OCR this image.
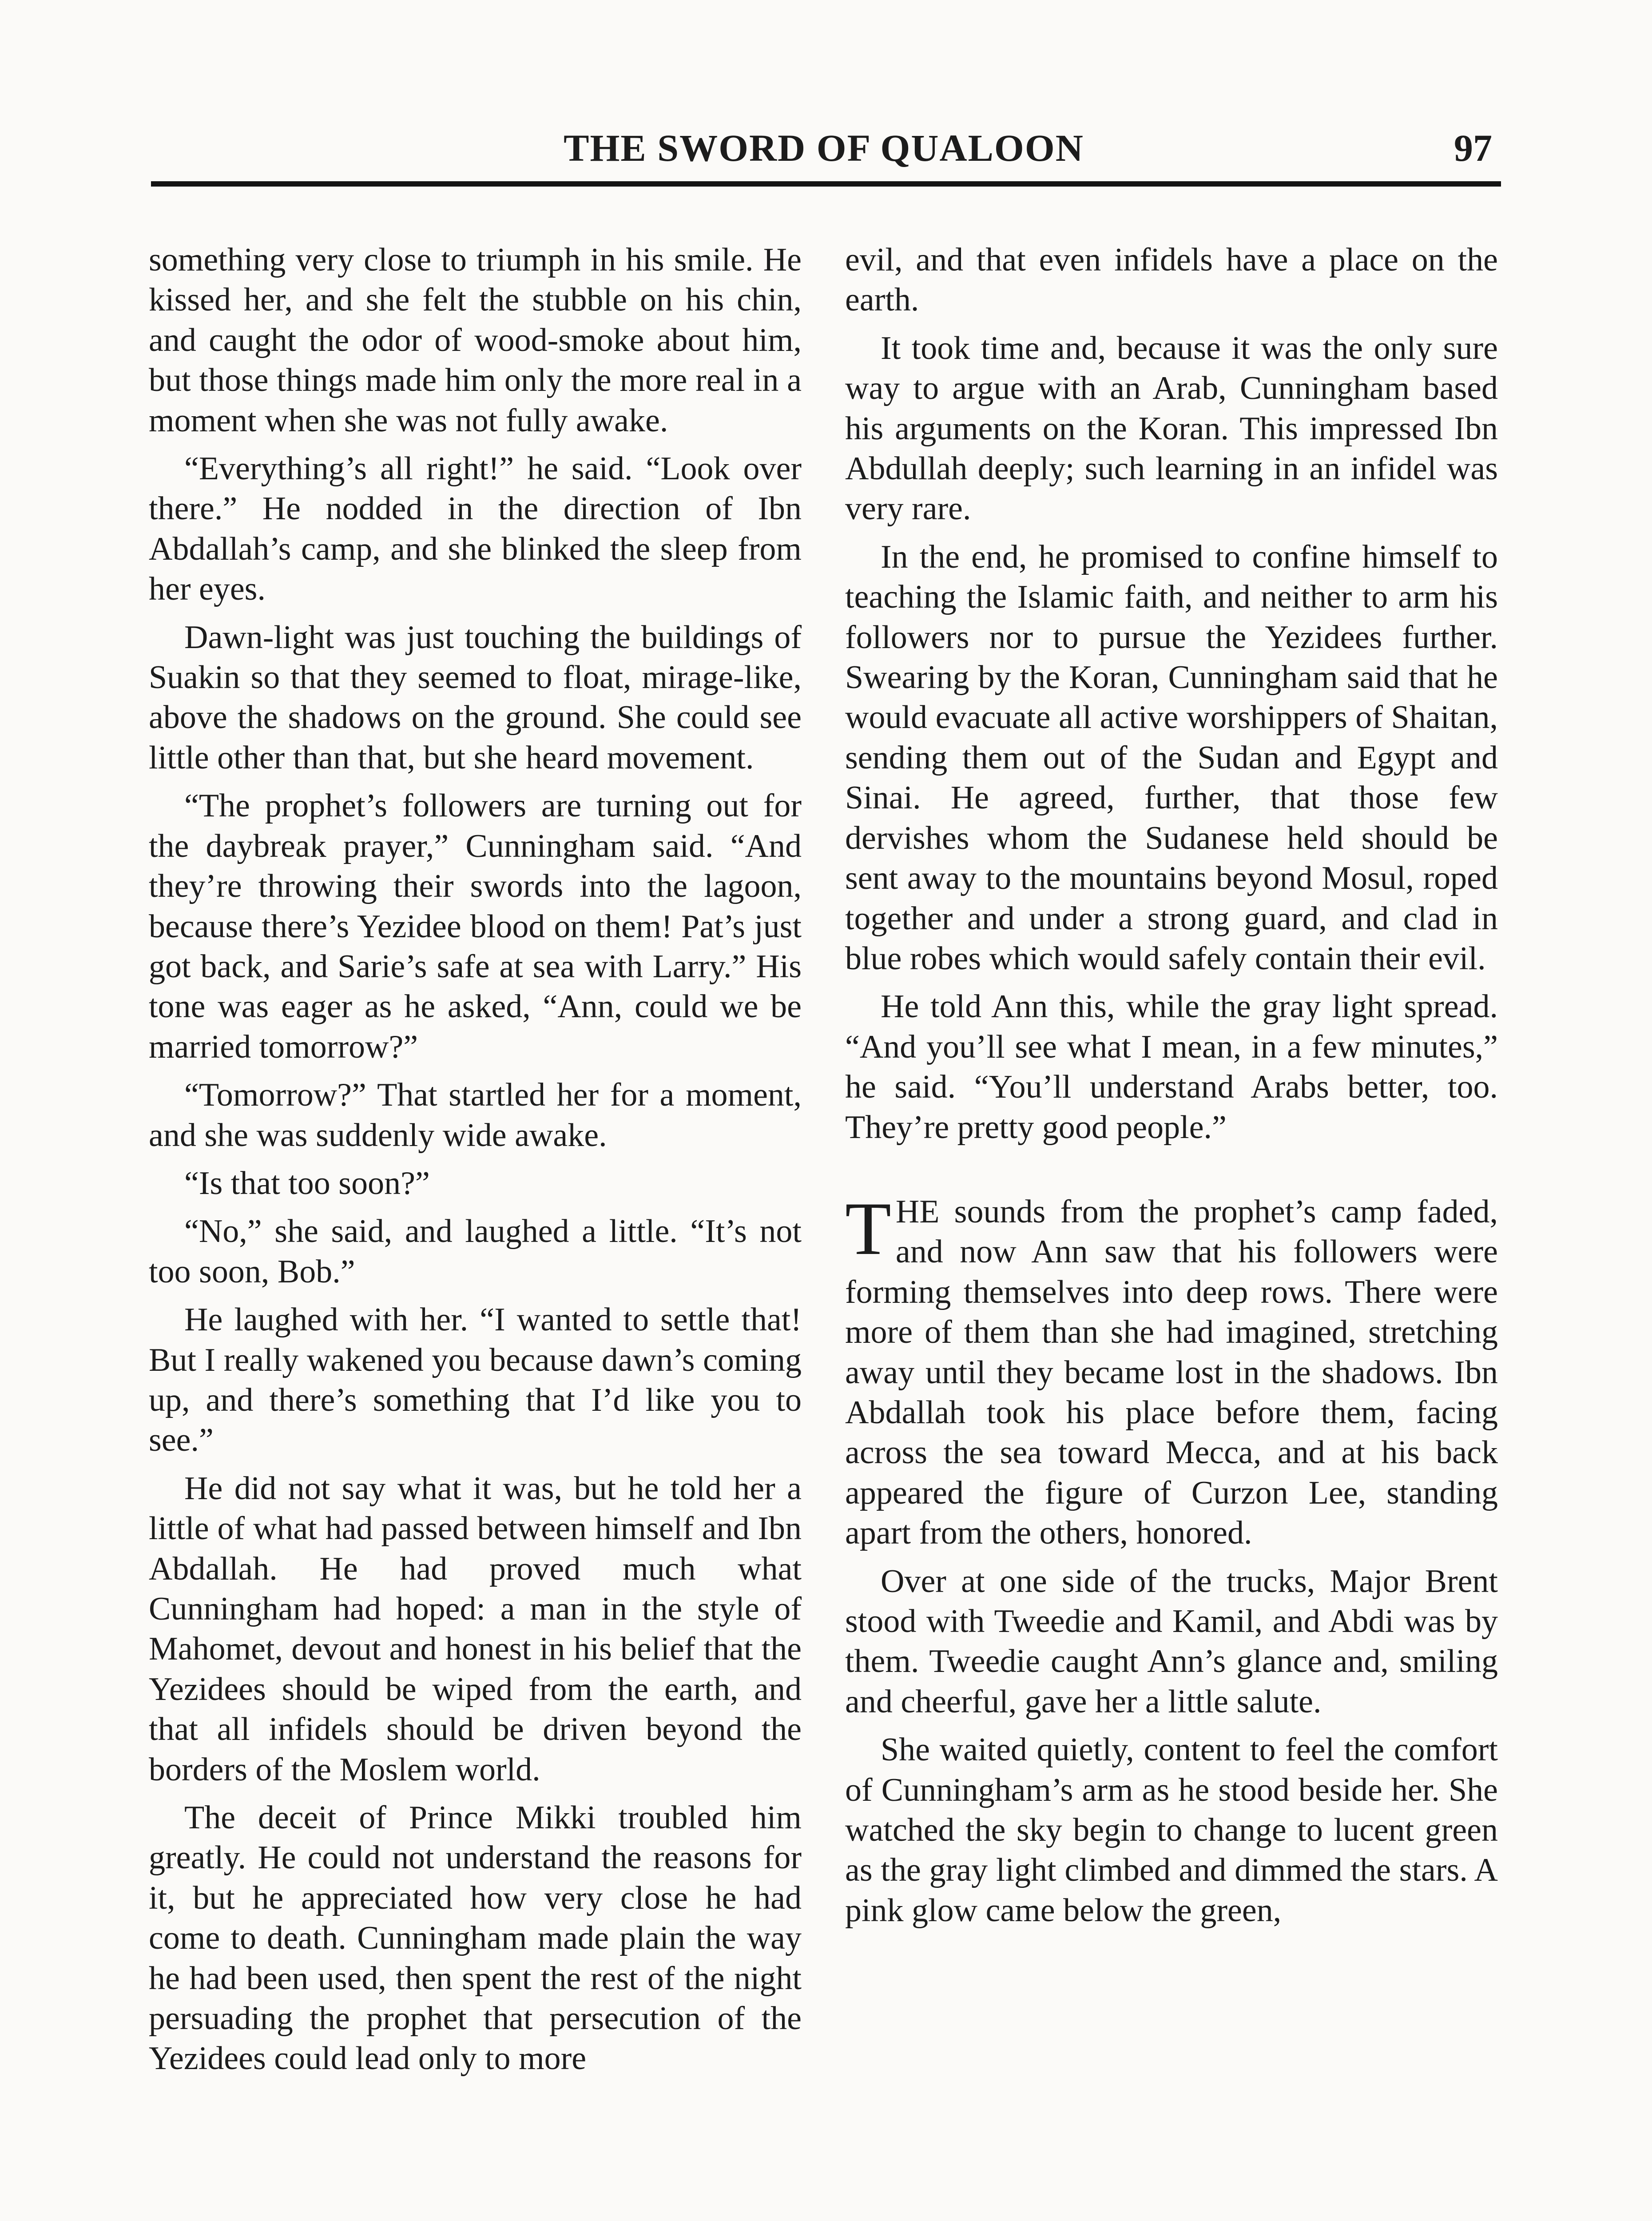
THE SWORD OF QUALOON	97

something very close to triumph in his smile. He kissed her, and she felt the stubble on his chin, and caught the odor of wood-smoke about him, but those things made him only the more real in a moment when she was not fully awake.

“Everything’s all right!” he said. “Look over there.” He nodded in the direction of Ibn Abdallah’s camp, and she blinked the sleep from her eyes.

Dawn-light was just touching the buildings of Suakin so that they seemed to float, mirage-like, above the shadows on the ground. She could see little other than that, but she heard movement.

“The prophet’s followers are turning out for the daybreak prayer,” Cunningham said. “And they’re throwing their swords into the lagoon, because there’s Yezidee blood on them! Pat’s just got back, and Sarie’s safe at sea with Larry.” His tone was eager as he asked, “Ann, could we be married tomorrow?”

“Tomorrow?” That startled her for a moment, and she was suddenly wide awake.

“Is that too soon?”

“No,” she said, and laughed a little. “It’s not too soon, Bob.”

He laughed with her. “I wanted to settle that! But I really wakened you because dawn’s coming up, and there’s something that I’d like you to see.”

He did not say what it was, but he told her a little of what had passed between himself and Ibn Abdallah. He had proved much what Cunningham had hoped: a man in the style of Mahomet, devout and honest in his belief that the Yezidees should be wiped from the earth, and that all infidels should be driven beyond the borders of the Moslem world.

The deceit of Prince Mikki troubled him greatly. He could not understand the reasons for it, but he appreciated how very close he had come to death. Cunningham made plain the way he had been used, then spent the rest of the night persuading the prophet that persecution of the Yezidees could lead only to more

evil, and that even infidels have a place on the earth.

It took time and, because it was the only sure way to argue with an Arab, Cunningham based his arguments on the Koran. This impressed Ibn Abdullah deeply; such learning in an infidel was very rare.

In the end, he promised to confine himself to teaching the Islamic faith, and neither to arm his followers nor to pursue the Yezidees further. Swearing by the Koran, Cunningham said that he would evacuate all active worshippers of Shaitan, sending them out of the Sudan and Egypt and Sinai. He agreed, further, that those few dervishes whom the Sudanese held should be sent away to the mountains beyond Mosul, roped together and under a strong guard, and clad in blue robes which would safely contain their evil.

He told Ann this, while the gray light spread. “And you’ll see what I mean, in a few minutes,” he said. “You’ll understand Arabs better, too. They’re pretty good people.”

THE sounds from the prophet’s camp faded, and now Ann saw that his followers were forming themselves into deep rows. There were more of them than she had imagined, stretching away until they became lost in the shadows. Ibn Abdallah took his place before them, facing across the sea toward Mecca, and at his back appeared the figure of Curzon Lee, standing apart from the others, honored.

Over at one side of the trucks, Major Brent stood with Tweedie and Kamil, and Abdi was by them. Tweedie caught Ann’s glance and, smiling and cheerful, gave her a little salute.

She waited quietly, content to feel the comfort of Cunningham’s arm as he stood beside her. She watched the sky begin to change to lucent green as the gray light climbed and dimmed the stars. A pink glow came below the green,
